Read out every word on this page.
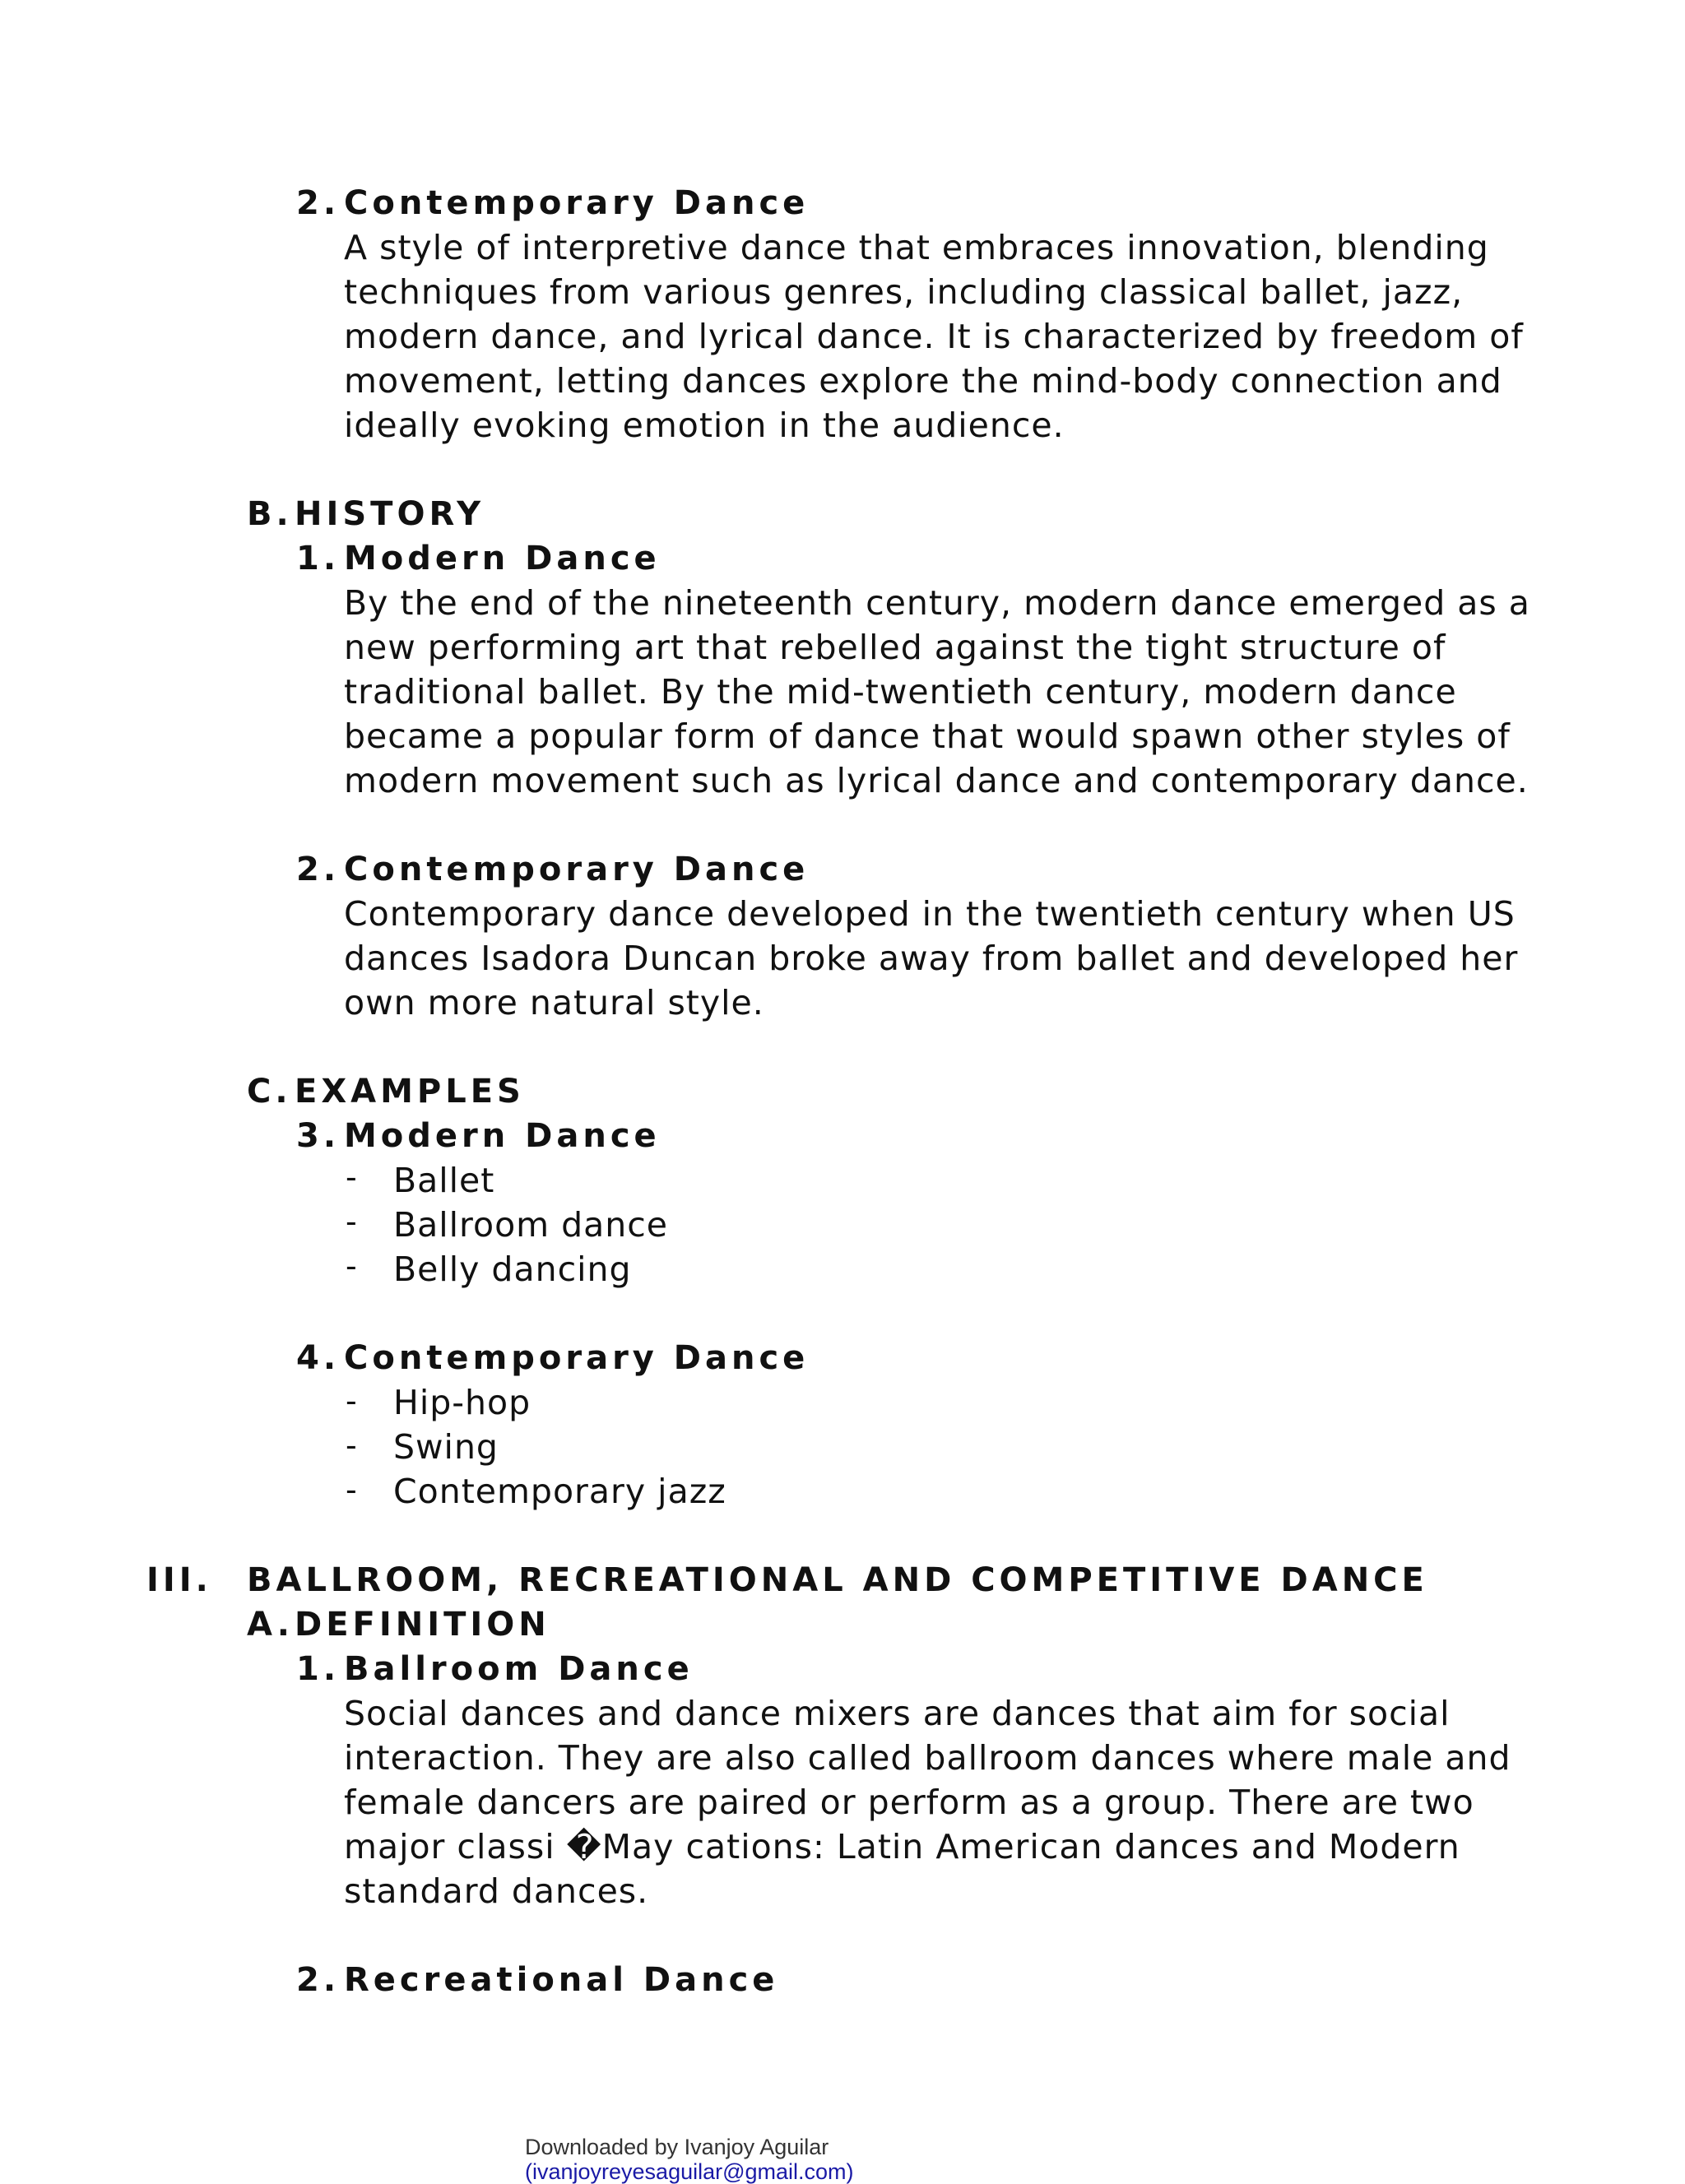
2. Contemporary Dance
A style of interpretive dance that embraces innovation, blending
techniques from various genres, including classical ballet, jazz,
modern dance, and lyrical dance. It is characterized by freedom of
movement, letting dances explore the mind-body connection and
ideally evoking emotion in the audience.
B. HISTORY
1. Modern Dance
By the end of the nineteenth century, modern dance emerged as a
new performing art that rebelled against the tight structure of
traditional ballet. By the mid-twentieth century, modern dance
became a popular form of dance that would spawn other styles of
modern movement such as lyrical dance and contemporary dance.
2. Contemporary Dance
Contemporary dance developed in the twentieth century when US
dances Isadora Duncan broke away from ballet and developed her
own more natural style.
C. EXAMPLES
3. Modern Dance
- Ballet
- Ballroom dance
- Belly dancing
4. Contemporary Dance
- Hip-hop
- Swing
- Contemporary jazz
III. BALLROOM, RECREATIONAL AND COMPETITIVE DANCE
A. DEFINITION
1. Ballroom Dance
Social dances and dance mixers are dances that aim for social
interaction. They are also called ballroom dances where male and
female dancers are paired or perform as a group. There are two
major classi �May cations: Latin American dances and Modern
standard dances.
2. Recreational Dance
Downloaded by Ivanjoy Aguilar
(ivanjoyreyesaguilar@gmail.com)
